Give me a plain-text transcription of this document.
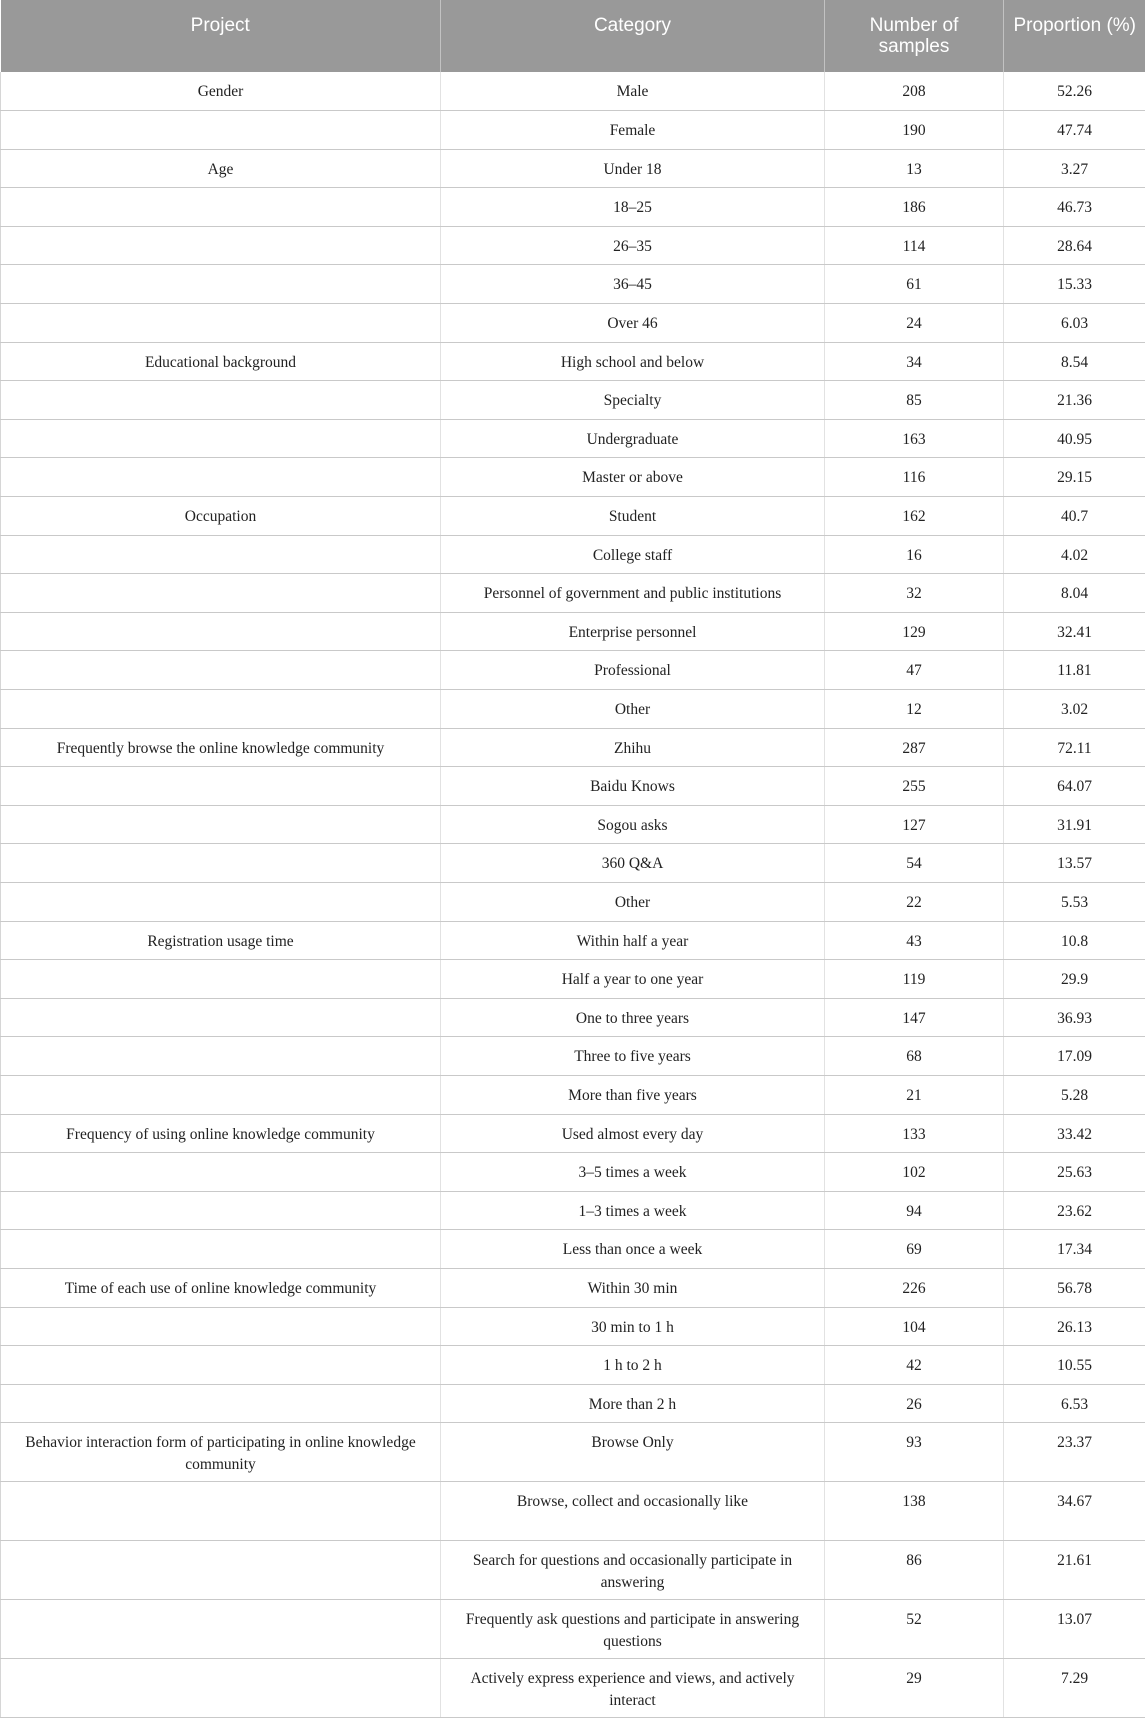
Project	Category	Number of samples	Proportion (%)
Gender	Male	208	52.26
	Female	190	47.74
Age	Under 18	13	3.27
	18–25	186	46.73
	26–35	114	28.64
	36–45	61	15.33
	Over 46	24	6.03
Educational background	High school and below	34	8.54
	Specialty	85	21.36
	Undergraduate	163	40.95
	Master or above	116	29.15
Occupation	Student	162	40.7
	College staff	16	4.02
	Personnel of government and public institutions	32	8.04
	Enterprise personnel	129	32.41
	Professional	47	11.81
	Other	12	3.02
Frequently browse the online knowledge community	Zhihu	287	72.11
	Baidu Knows	255	64.07
	Sogou asks	127	31.91
	360 Q&A	54	13.57
	Other	22	5.53
Registration usage time	Within half a year	43	10.8
	Half a year to one year	119	29.9
	One to three years	147	36.93
	Three to five years	68	17.09
	More than five years	21	5.28
Frequency of using online knowledge community	Used almost every day	133	33.42
	3–5 times a week	102	25.63
	1–3 times a week	94	23.62
	Less than once a week	69	17.34
Time of each use of online knowledge community	Within 30 min	226	56.78
	30 min to 1 h	104	26.13
	1 h to 2 h	42	10.55
	More than 2 h	26	6.53
Behavior interaction form of participating in online knowledge community	Browse Only	93	23.37
	Browse, collect and occasionally like	138	34.67
	Search for questions and occasionally participate in answering	86	21.61
	Frequently ask questions and participate in answering questions	52	13.07
	Actively express experience and views, and actively interact	29	7.29
